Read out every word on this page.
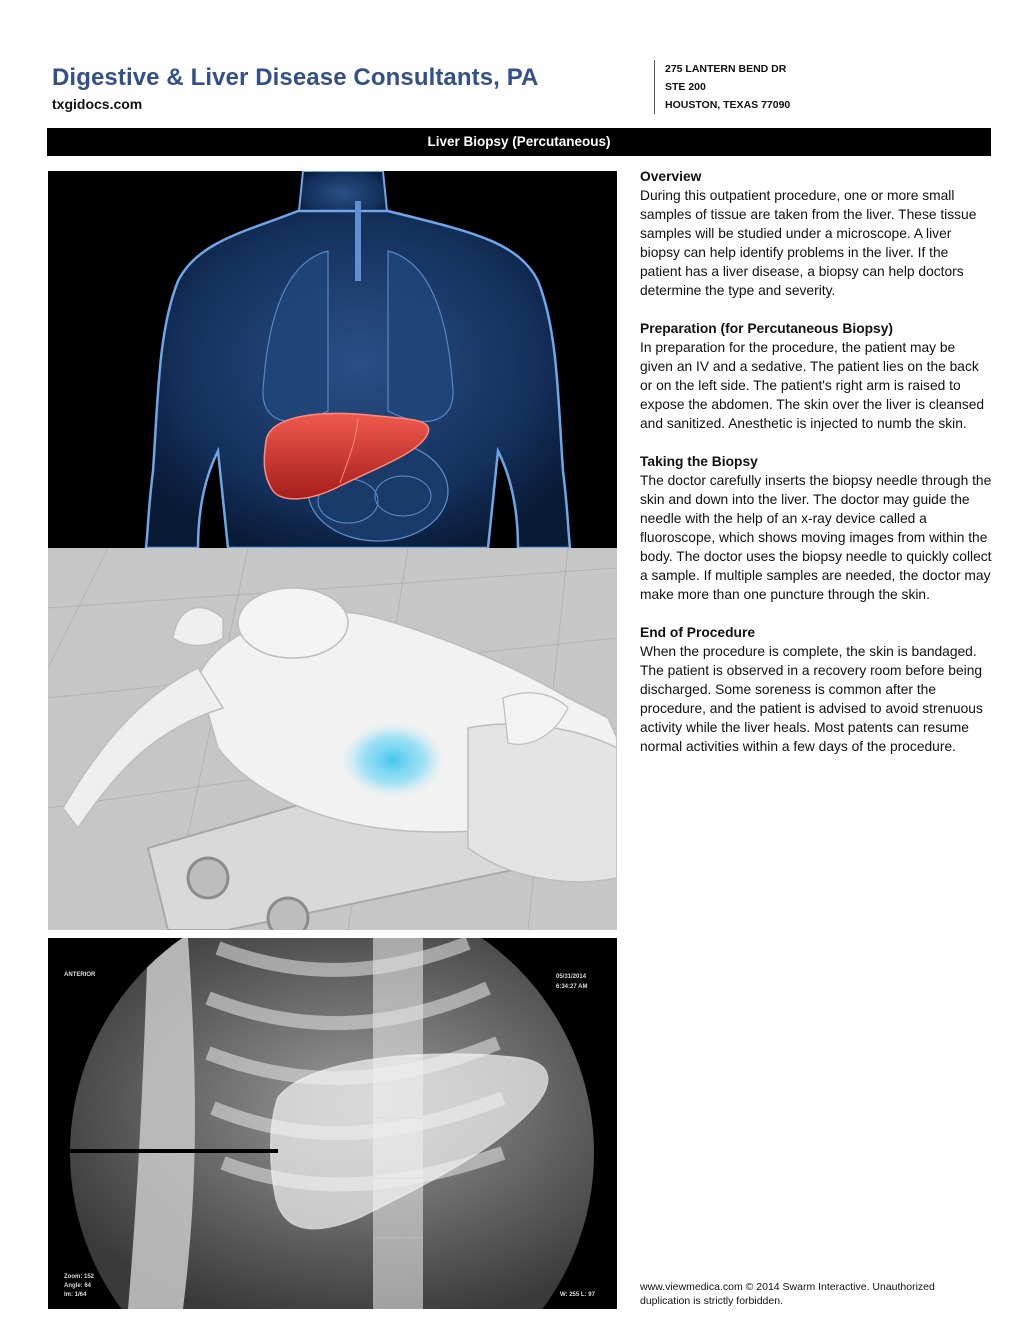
Digestive & Liver Disease Consultants, PA
txgidocs.com
275 LANTERN BEND DR
STE 200
HOUSTON, TEXAS 77090
Liver Biopsy (Percutaneous)
ANTERIOR	05/31/2014
6:34:27 AM
Zoom: 152
Angle: 64
Im: 1/64	W: 255 L: 97
Overview

During this outpatient procedure, one or more small samples of tissue are taken from the liver. These tissue samples will be studied under a microscope. A liver biopsy can help identify problems in the liver. If the patient has a liver disease, a biopsy can help doctors determine the type and severity.

Preparation (for Percutaneous Biopsy)

In preparation for the procedure, the patient may be given an IV and a sedative. The patient lies on the back or on the left side. The patient's right arm is raised to expose the abdomen. The skin over the liver is cleansed and sanitized. Anesthetic is injected to numb the skin.

Taking the Biopsy

The doctor carefully inserts the biopsy needle through the skin and down into the liver. The doctor may guide the needle with the help of an x-ray device called a fluoroscope, which shows moving images from within the body. The doctor uses the biopsy needle to quickly collect a sample. If multiple samples are needed, the doctor may make more than one puncture through the skin.

End of Procedure

When the procedure is complete, the skin is bandaged. The patient is observed in a recovery room before being discharged. Some soreness is common after the procedure, and the patient is advised to avoid strenuous activity while the liver heals. Most patents can resume normal activities within a few days of the procedure.

www.viewmedica.com © 2014 Swarm Interactive. Unauthorized duplication is strictly forbidden.
